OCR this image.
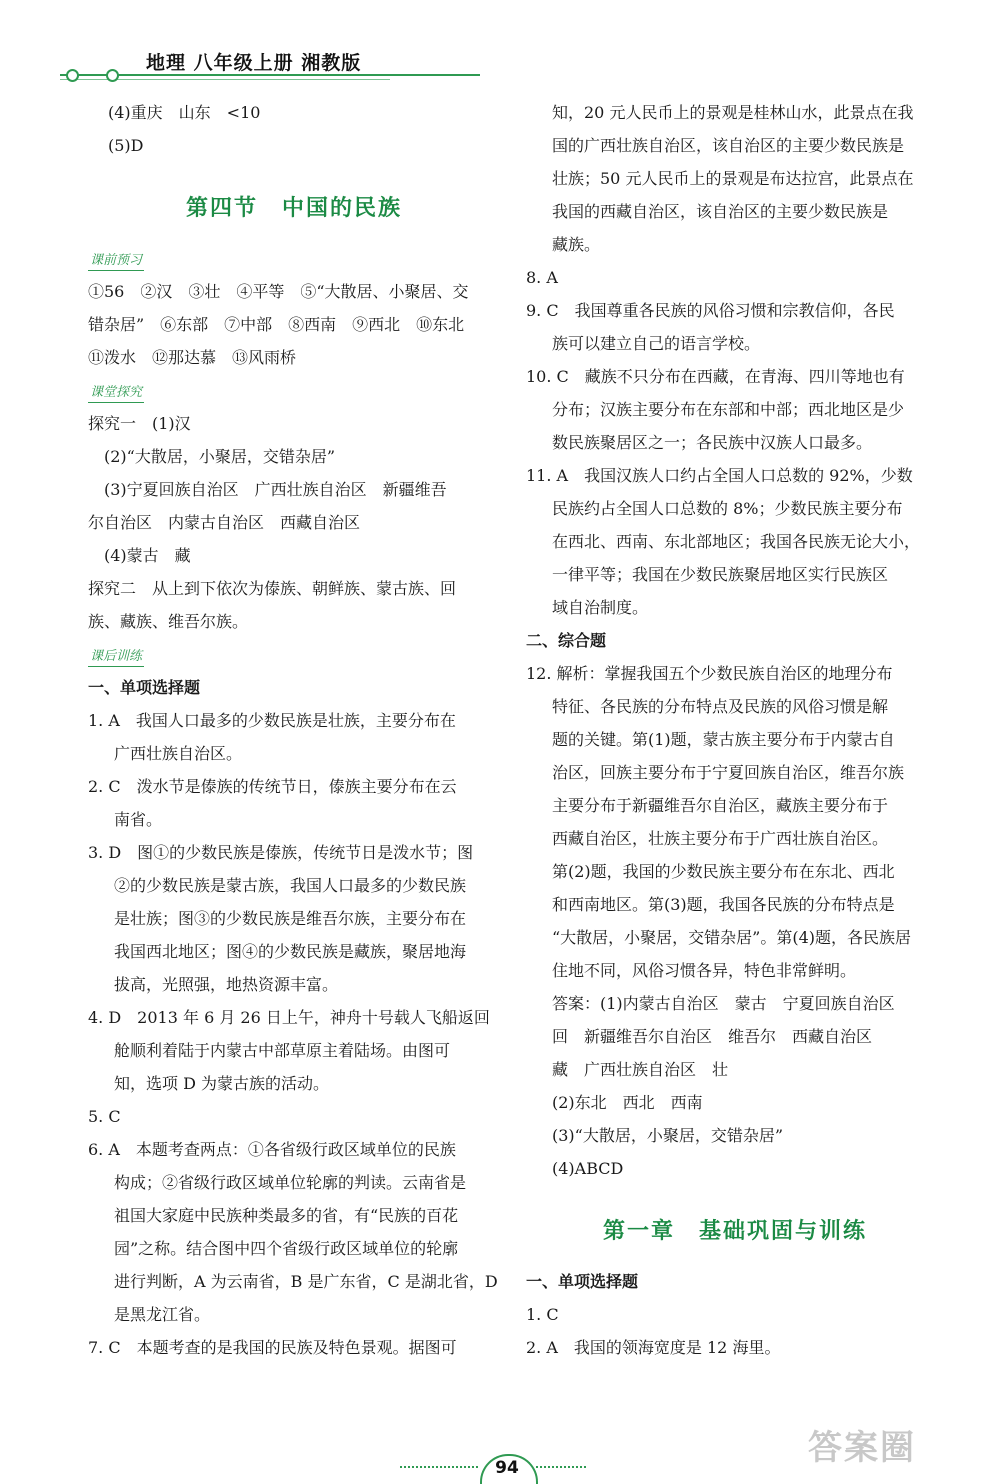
地理 八年级上册 湘教版
(4)重庆　山东　<10
(5)D
第四节　中国的民族
课前预习
①56　②汉　③壮　④平等　⑤“大散居、小聚居、交
错杂居”　⑥东部　⑦中部　⑧西南　⑨西北　⑩东北
⑪泼水　⑫那达慕　⑬风雨桥
课堂探究
探究一　(1)汉
　(2)“大散居，小聚居，交错杂居”
　(3)宁夏回族自治区　广西壮族自治区　新疆维吾
尔自治区　内蒙古自治区　西藏自治区
　(4)蒙古　藏
探究二　从上到下依次为傣族、朝鲜族、蒙古族、回
族、藏族、维吾尔族。
课后训练
一、单项选择题
1. A　我国人口最多的少数民族是壮族，主要分布在
广西壮族自治区。
2. C　泼水节是傣族的传统节日，傣族主要分布在云
南省。
3. D　图①的少数民族是傣族，传统节日是泼水节；图
②的少数民族是蒙古族，我国人口最多的少数民族
是壮族；图③的少数民族是维吾尔族，主要分布在
我国西北地区；图④的少数民族是藏族，聚居地海
拔高，光照强，地热资源丰富。
4. D　2013 年 6 月 26 日上午，神舟十号载人飞船返回
舱顺利着陆于内蒙古中部草原主着陆场。由图可
知，选项 D 为蒙古族的活动。
5. C
6. A　本题考查两点：①各省级行政区域单位的民族
构成；②省级行政区域单位轮廓的判读。云南省是
祖国大家庭中民族种类最多的省，有“民族的百花
园”之称。结合图中四个省级行政区域单位的轮廓
进行判断，A 为云南省，B 是广东省，C 是湖北省，D
是黑龙江省。
7. C　本题考查的是我国的民族及特色景观。据图可
知，20 元人民币上的景观是桂林山水，此景点在我
国的广西壮族自治区，该自治区的主要少数民族是
壮族；50 元人民币上的景观是布达拉宫，此景点在
我国的西藏自治区，该自治区的主要少数民族是
藏族。
8. A
9. C　我国尊重各民族的风俗习惯和宗教信仰，各民
族可以建立自己的语言学校。
10. C　藏族不只分布在西藏，在青海、四川等地也有
分布；汉族主要分布在东部和中部；西北地区是少
数民族聚居区之一；各民族中汉族人口最多。
11. A　我国汉族人口约占全国人口总数的 92%，少数
民族约占全国人口总数的 8%；少数民族主要分布
在西北、西南、东北部地区；我国各民族无论大小，
一律平等；我国在少数民族聚居地区实行民族区
域自治制度。
二、综合题
12. 解析：掌握我国五个少数民族自治区的地理分布
特征、各民族的分布特点及民族的风俗习惯是解
题的关键。第(1)题，蒙古族主要分布于内蒙古自
治区，回族主要分布于宁夏回族自治区，维吾尔族
主要分布于新疆维吾尔自治区，藏族主要分布于
西藏自治区，壮族主要分布于广西壮族自治区。
第(2)题，我国的少数民族主要分布在东北、西北
和西南地区。第(3)题，我国各民族的分布特点是
“大散居，小聚居，交错杂居”。第(4)题，各民族居
住地不同，风俗习惯各异，特色非常鲜明。
答案：(1)内蒙古自治区　蒙古　宁夏回族自治区
回　新疆维吾尔自治区　维吾尔　西藏自治区
藏　广西壮族自治区　壮
(2)东北　西北　西南
(3)“大散居，小聚居，交错杂居”
(4)ABCD
第一章　基础巩固与训练
一、单项选择题
1. C
2. A　我国的领海宽度是 12 海里。
94	答案圈
